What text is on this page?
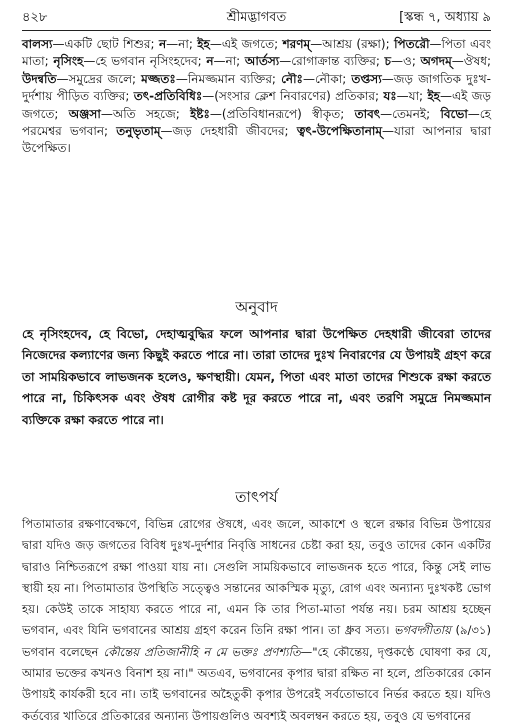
৪২৮	শ্রীমদ্ভাগবত	[স্কন্ধ ৭, অধ্যায় ৯
বালস্য—একটি ছোট শিশুর; ন—না; ইহ—এই জগতে; শরণম্—আশ্রয় (রক্ষা); পিতরৌ—পিতা এবং মাতা; নৃসিংহ—হে ভগবান নৃসিংহদেব; ন—না; আর্তস্য—রোগাক্রান্ত ব্যক্তির; চ—ও; অগদম্—ঔষধ; উদন্বতি—সমুদ্রের জলে; মজ্জতঃ—নিমজ্জমান ব্যক্তির; নৌঃ—নৌকা; তপ্তস্য—জড় জাগতিক দুঃখ-দুর্দশায় পীড়িত ব্যক্তির; তৎ-প্রতিবিধিঃ—(সংসার ক্লেশ নিবারণের) প্রতিকার; যঃ—যা; ইহ—এই জড় জগতে; অঞ্জসা—অতি সহজে; ইষ্টঃ—(প্রতিবিধানরূপে) স্বীকৃত; তাবৎ—তেমনই; বিভো—হে পরমেশ্বর ভগবান; তনুভৃতাম্—জড় দেহধারী জীবদের; ত্বৎ-উপেক্ষিতানাম্—যারা আপনার দ্বারা উপেক্ষিত।
অনুবাদ
হে নৃসিংহদেব, হে বিভো, দেহাত্মবুদ্ধির ফলে আপনার দ্বারা উপেক্ষিত দেহধারী জীবেরা তাদের নিজেদের কল্যাণের জন্য কিছুই করতে পারে না। তারা তাদের দুঃখ নিবারণের যে উপায়ই গ্রহণ করে তা সাময়িকভাবে লাভজনক হলেও, ক্ষণস্থায়ী। যেমন, পিতা এবং মাতা তাদের শিশুকে রক্ষা করতে পারে না, চিকিৎসক এবং ঔষধ রোগীর কষ্ট দূর করতে পারে না, এবং তরণি সমুদ্রে নিমজ্জমান ব্যক্তিকে রক্ষা করতে পারে না।
তাৎপর্য
পিতামাতার রক্ষণাবেক্ষণে, বিভিন্ন রোগের ঔষধে, এবং জলে, আকাশে ও স্থলে রক্ষার বিভিন্ন উপায়ের দ্বারা যদিও জড় জগতের বিবিধ দুঃখ-দুর্দশার নিবৃত্তি সাধনের চেষ্টা করা হয়, তবুও তাদের কোন একটির দ্বারাও নিশ্চিতরূপে রক্ষা পাওয়া যায় না। সেগুলি সাময়িকভাবে লাভজনক হতে পারে, কিন্তু সেই লাভ স্থায়ী হয় না। পিতামাতার উপস্থিতি সত্ত্বেও সন্তানের আকস্মিক মৃত্যু, রোগ এবং অন্যান্য দুঃখকষ্ট ভোগ হয়। কেউই তাকে সাহায্য করতে পারে না, এমন কি তার পিতা-মাতা পর্যন্ত নয়। চরম আশ্রয় হচ্ছেন ভগবান, এবং যিনি ভগবানের আশ্রয় গ্রহণ করেন তিনি রক্ষা পান। তা ধ্রুব সত্য। ভগবদ্গীতায় (৯/৩১) ভগবান বলেছেন কৌন্তেয় প্রতিজানীহি ন মে ভক্তঃ প্রণশ্যতি—"হে কৌন্তেয়, দৃপ্তকণ্ঠে ঘোষণা কর যে, আমার ভক্তের কখনও বিনাশ হয় না।" অতএব, ভগবানের কৃপার দ্বারা রক্ষিত না হলে, প্রতিকারের কোন উপায়ই কার্যকরী হবে না। তাই ভগবানের অহৈতুকী কৃপার উপরেই সর্বতোভাবে নির্ভর করতে হয়। যদিও কর্তব্যের খাতিরে প্রতিকারের অন্যান্য উপায়গুলিও অবশ্যই অবলম্বন করতে হয়, তবুও যে ভগবানের
